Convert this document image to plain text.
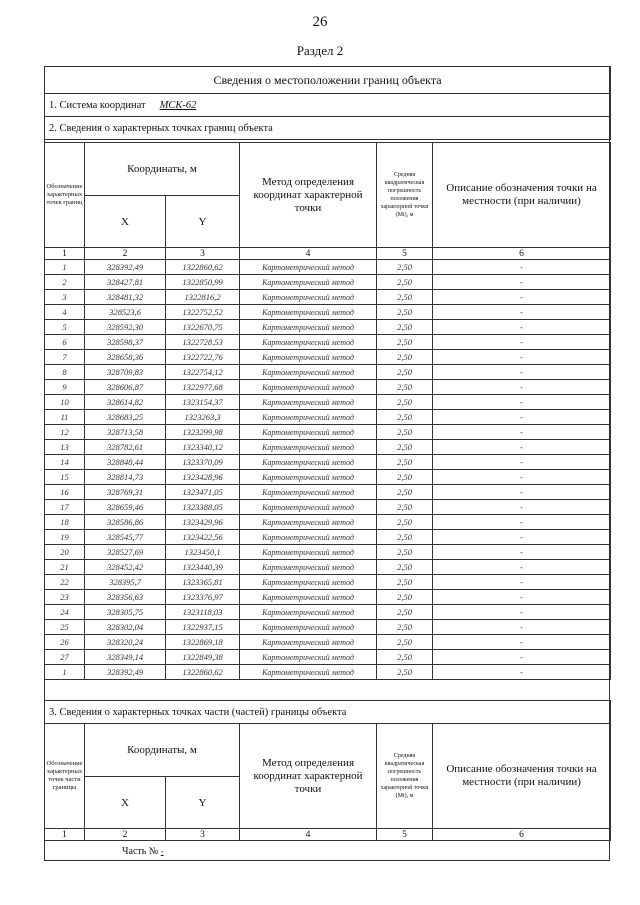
26
Раздел 2
Сведения о местоположении границ объекта
1. Система координат МСК-62
2. Сведения о характерных точках границ объекта
Обозначение характерных точек границ	Координаты, м		Метод определения координат характерной точки	Средняя квадратическая погрешность положения характерной точки (Mt), м	Описание обозначения точки на местности (при наличии)
	X	Y			
1	2	3	4	5	6
1	328392,49	1322860,62	Картометрический метод	2,50	-
2	328427,81	1322850,99	Картометрический метод	2,50	-
3	328481,32	1322816,2	Картометрический метод	2,50	-
4	328523,6	1322752,52	Картометрический метод	2,50	-
5	328592,30	1322670,75	Картометрический метод	2,50	-
6	328598,37	1322728,53	Картометрический метод	2,50	-
7	328658,36	1322722,76	Картометрический метод	2,50	-
8	328709,83	1322754,12	Картометрический метод	2,50	-
9	328606,87	1322977,68	Картометрический метод	2,50	-
10	328614,82	1323154,37	Картометрический метод	2,50	-
11	328683,25	1323263,3	Картометрический метод	2,50	-
12	328713,58	1323299,98	Картометрический метод	2,50	-
13	328782,61	1323340,12	Картометрический метод	2,50	-
14	328848,44	1323370,09	Картометрический метод	2,50	-
15	328814,73	1323428,96	Картометрический метод	2,50	-
16	328769,31	1323471,05	Картометрический метод	2,50	-
17	328659,46	1323388,05	Картометрический метод	2,50	-
18	328586,86	1323429,96	Картометрический метод	2,50	-
19	328545,77	1323422,56	Картометрический метод	2,50	-
20	328527,69	1323450,1	Картометрический метод	2,50	-
21	328452,42	1323440,39	Картометрический метод	2,50	-
22	328395,7	1323365,81	Картометрический метод	2,50	-
23	328356,63	1323376,97	Картометрический метод	2,50	-
24	328305,75	1323118,03	Картометрический метод	2,50	-
25	328302,04	1322937,15	Картометрический метод	2,50	-
26	328320,24	1322869,18	Картометрический метод	2,50	-
27	328349,14	1322849,38	Картометрический метод	2,50	-
1	328392,49	1322860,62	Картометрический метод	2,50	-
3. Сведения о характерных точках части (частей) границы объекта					
Обозначение характерных точек части границы	Координаты, м		Метод определения координат характерной точки	Средняя квадратическая погрешность положения характерной точки (Mt), м	Описание обозначения точки на местности (при наличии)
	X	Y			
1	2	3	4	5	6
Часть № -
